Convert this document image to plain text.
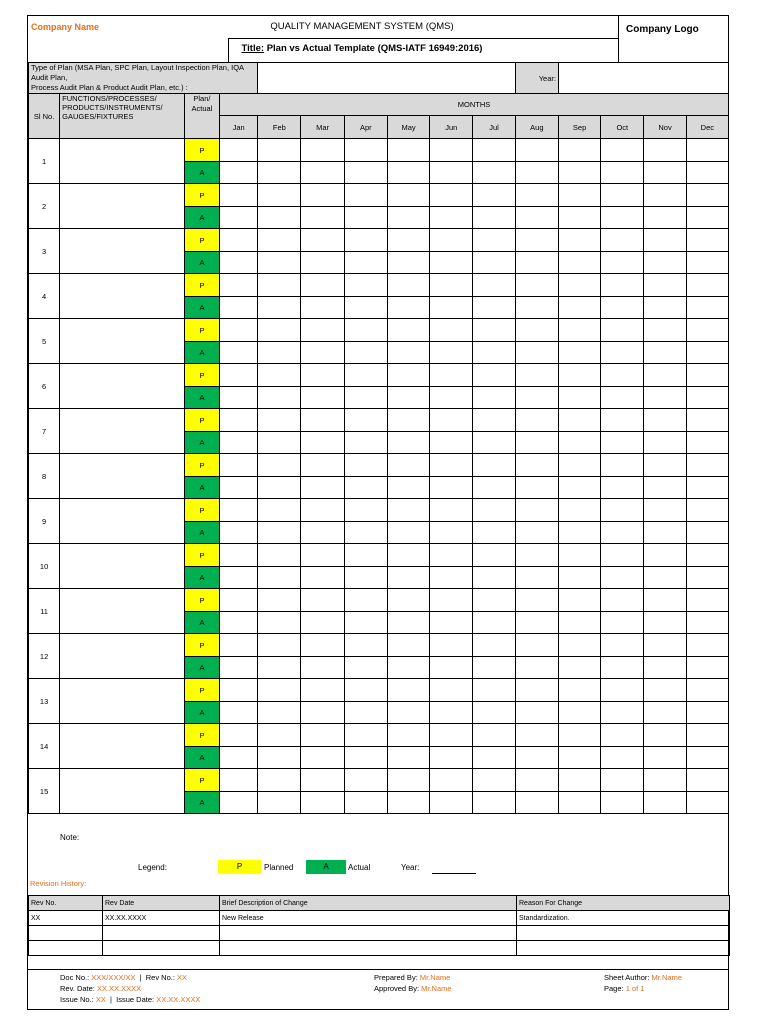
Company Name	QUALITY MANAGEMENT SYSTEM (QMS)
Title: Plan vs Actual Template (QMS-IATF 16949:2016)
Company Logo
Type of Plan (MSA Plan, SPC Plan, Layout Inspection Plan, IQA Audit Plan,
Process Audit Plan & Product Audit Plan, etc.) :										Year:				
Sl No.	FUNCTIONS/PROCESSES/
PRODUCTS/INSTRUMENTS/
GAUGES/FIXTURES	Plan/
Actual	MONTHS											
			Jan	Feb	Mar	Apr	May	Jun	Jul	Aug	Sep	Oct	Nov	Dec
1		P												
		A												
2		P												
		A												
3		P												
		A												
4		P												
		A												
5		P												
		A												
6		P												
		A												
7		P												
		A												
8		P												
		A												
9		P												
		A												
10		P												
		A												
11		P												
		A												
12		P												
		A												
13		P												
		A												
14		P												
		A												
15		P												
		A												
Note:
Legend:	P	Planned	A	Actual	Year:
Revision History:
Rev No.	Rev Date	Brief Description of Change	Reason For Change
XX	XX.XX.XXXX	New Release	Standardization.

Doc No.: XXX/XXX/XX  |  Rev No.: XX
Rev. Date: XX.XX.XXXX
Issue No.: XX  |  Issue Date: XX.XX.XXXX
Prepared By: Mr.Name
Approved By: Mr.Name
Sheet Author: Mr.Name
Page: 1 of 1
